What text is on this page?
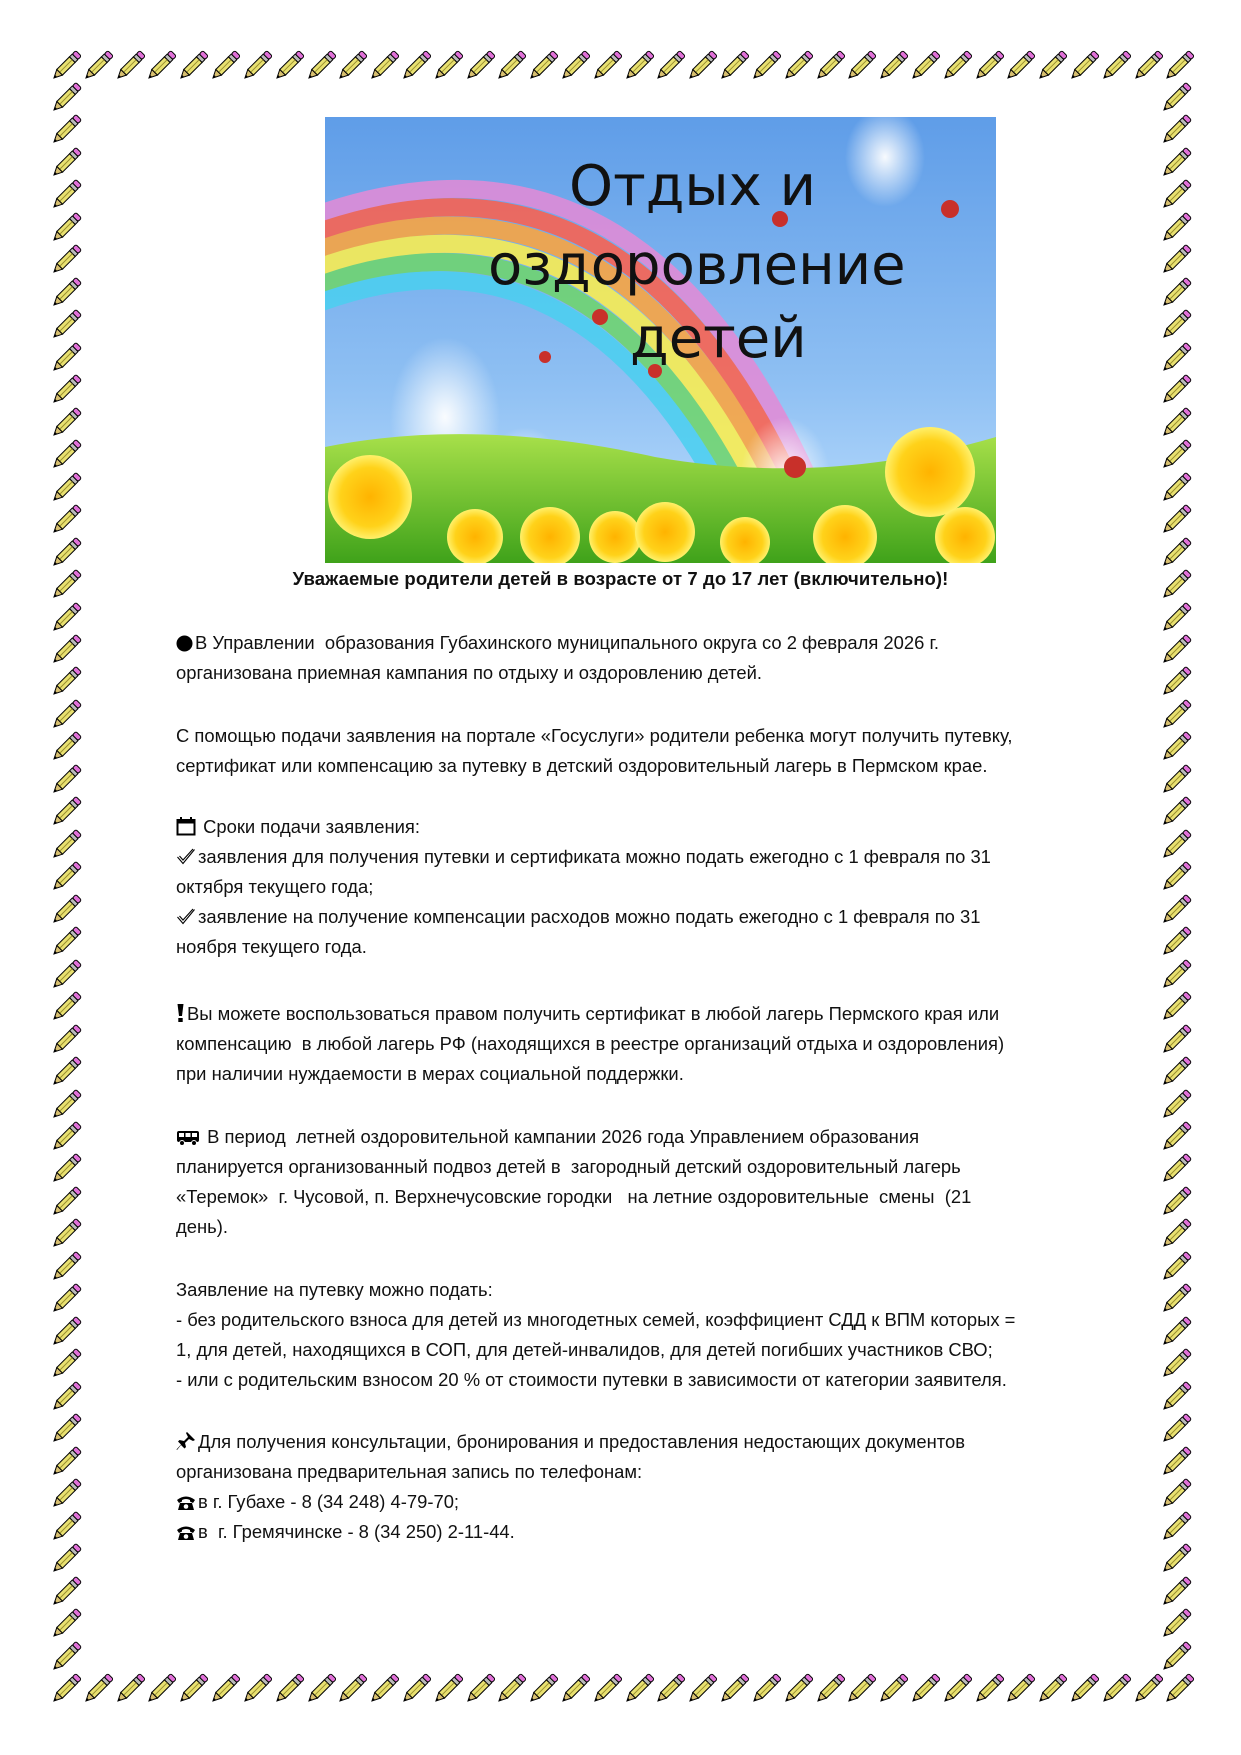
Отдых и
оздоровление
детей
Уважаемые родители детей в возрасте от 7 до 17 лет (включительно)!
В Управлении  образования Губахинского муниципального округа со 2 февраля 2026 г.
организована приемная кампания по отдыху и оздоровлению детей.
С помощью подачи заявления на портале «Госуслуги» родители ребенка могут получить путевку,
сертификат или компенсацию за путевку в детский оздоровительный лагерь в Пермском крае.
Сроки подачи заявления:
заявления для получения путевки и сертификата можно подать ежегодно с 1 февраля по 31
октября текущего года;
заявление на получение компенсации расходов можно подать ежегодно с 1 февраля по 31
ноября текущего года.
Вы можете воспользоваться правом получить сертификат в любой лагерь Пермского края или
компенсацию  в любой лагерь РФ (находящихся в реестре организаций отдыха и оздоровления)
при наличии нуждаемости в мерах социальной поддержки.
В период  летней оздоровительной кампании 2026 года Управлением образования
планируется организованный подвоз детей в  загородный детский оздоровительный лагерь
«Теремок»  г. Чусовой, п. Верхнечусовские городки   на летние оздоровительные  смены  (21
день).
Заявление на путевку можно подать:
- без родительского взноса для детей из многодетных семей, коэффициент СДД к ВПМ которых =
1, для детей, находящихся в СОП, для детей-инвалидов, для детей погибших участников СВО;
- или с родительским взносом 20 % от стоимости путевки в зависимости от категории заявителя.
Для получения консультации, бронирования и предоставления недостающих документов
организована предварительная запись по телефонам:
в г. Губахе - 8 (34 248) 4-79-70;
в  г. Гремячинске - 8 (34 250) 2-11-44.
